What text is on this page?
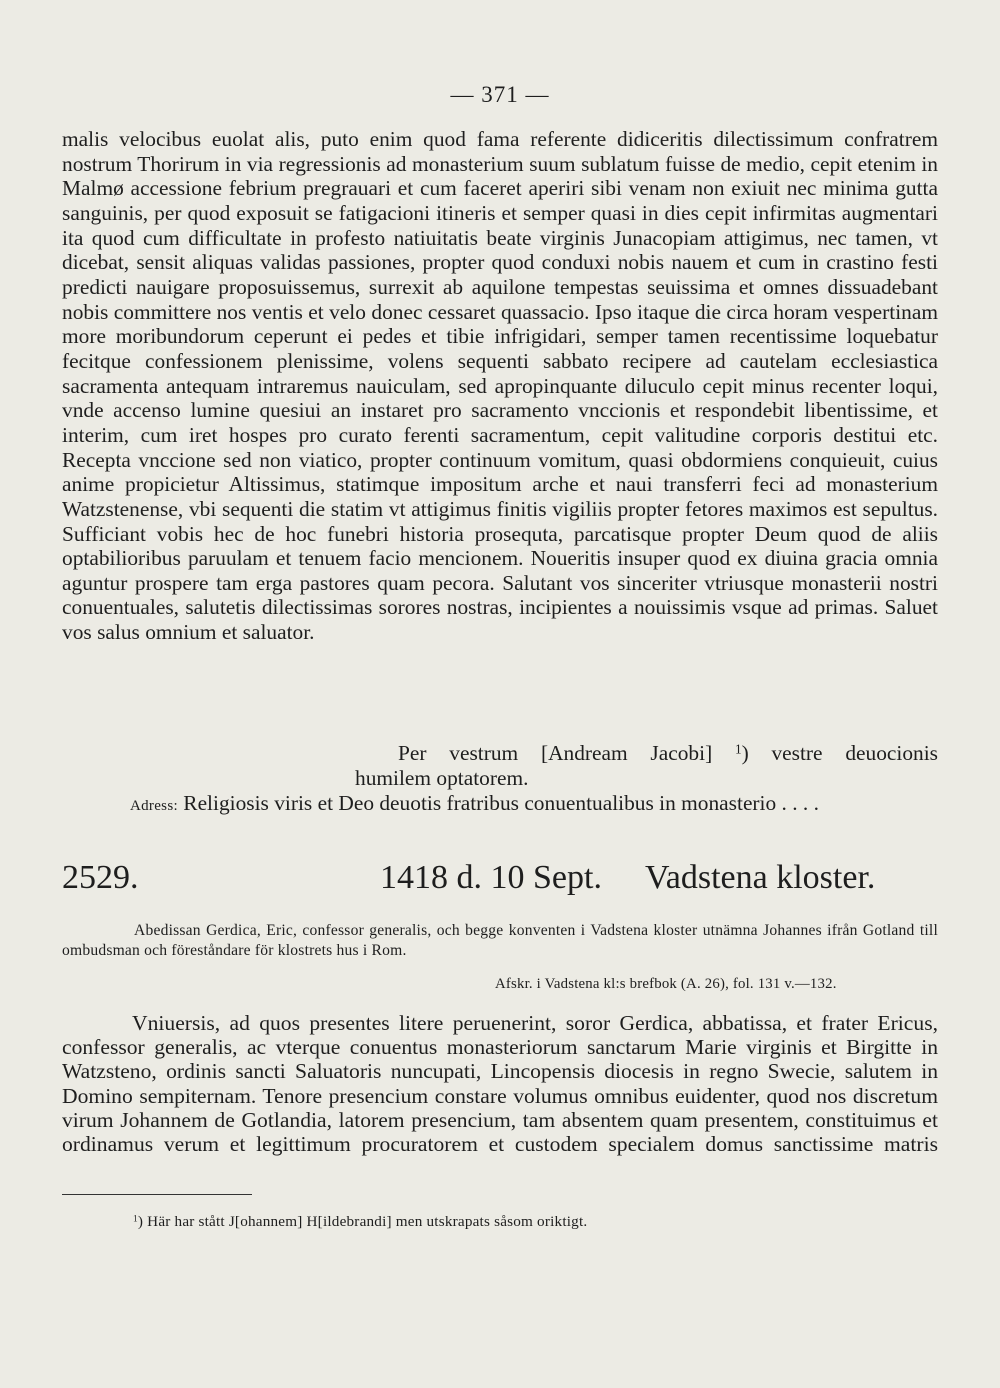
— 371 —
malis velocibus euolat alis, puto enim quod fama referente didiceritis dilectissimum confratrem nostrum Thorirum in via regressionis ad monasterium suum sublatum fuisse de medio, cepit etenim in Malmø accessione febrium pregrauari et cum faceret aperiri sibi venam non exiuit nec minima gutta sanguinis, per quod exposuit se fatigacioni itineris et semper quasi in dies cepit infirmitas augmentari ita quod cum difficultate in profesto natiuitatis beate virginis Junacopiam attigimus, nec tamen, vt dicebat, sensit aliquas validas passiones, propter quod conduxi nobis nauem et cum in crastino festi predicti nauigare proposuissemus, surrexit ab aquilone tempestas seuissima et omnes dissuadebant nobis committere nos ventis et velo donec cessaret quassacio. Ipso itaque die circa horam vespertinam more moribundorum ceperunt ei pedes et tibie infrigidari, semper tamen recentissime loquebatur fecitque confessionem plenissime, volens sequenti sabbato recipere ad cautelam ecclesiastica sacramenta antequam intraremus nauiculam, sed apropinquante diluculo cepit minus recenter loqui, vnde accenso lumine quesiui an instaret pro sacramento vnccionis et respondebit libentissime, et interim, cum iret hospes pro curato ferenti sacramentum, cepit valitudine corporis destitui etc. Recepta vnccione sed non viatico, propter continuum vomitum, quasi obdormiens conquieuit, cuius anime propicietur Altissimus, statimque impositum arche et naui transferri feci ad monasterium Watzstenense, vbi sequenti die statim vt attigimus finitis vigiliis propter fetores maximos est sepultus. Sufficiant vobis hec de hoc funebri historia prosequta, parcatisque propter Deum quod de aliis optabilioribus paruulam et tenuem facio mencionem. Noueritis insuper quod ex diuina gracia omnia aguntur prospere tam erga pastores quam pecora. Salutant vos sinceriter vtriusque monasterii nostri conuentuales, salutetis dilectissimas sorores nostras, incipientes a nouissimis vsque ad primas. Saluet vos salus omnium et saluator.
Per vestrum [Andream Jacobi] $^1$) vestre deuocionis
humilem optatorem.
Adress: Religiosis viris et Deo deuotis fratribus conuentualibus in monasterio . . . .
2529.	1418 d. 10 Sept. Vadstena kloster.
Abedissan Gerdica, Eric, confessor generalis, och begge konventen i Vadstena kloster utnämna Johannes ifrån Gotland till ombudsman och föreståndare för klostrets hus i Rom.
Afskr. i Vadstena kl:s brefbok (A. 26), fol. 131 v.—132.
Vniuersis, ad quos presentes litere peruenerint, soror Gerdica, abbatissa, et frater Ericus, confessor generalis, ac vterque conuentus monasteriorum sanctarum Marie virginis et Birgitte in Watzsteno, ordinis sancti Saluatoris nuncupati, Lincopensis diocesis in regno Swecie, salutem in Domino sempiternam. Tenore presencium constare volumus omnibus euidenter, quod nos discretum virum Johannem de Gotlandia, latorem presencium, tam absentem quam presentem, constituimus et ordinamus verum et legittimum procuratorem et custodem specialem domus sanctissime matris
$^1$) Här har stått J[ohannem] H[ildebrandi] men utskrapats såsom oriktigt.
